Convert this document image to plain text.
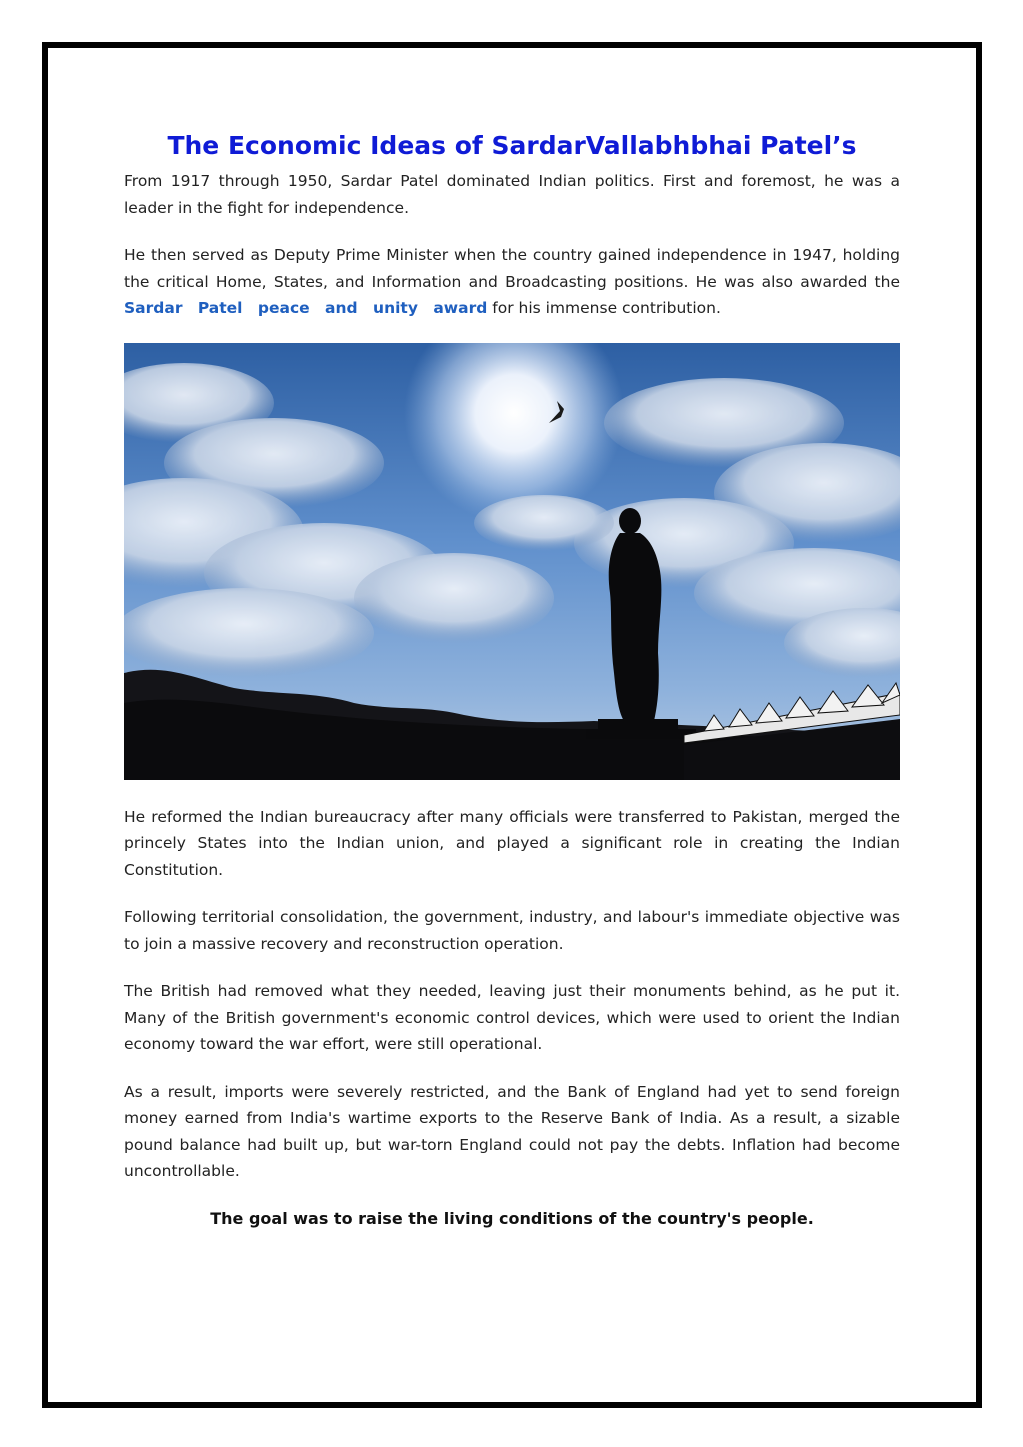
The Economic Ideas of SardarVallabhbhai Patel’s

From 1917 through 1950, Sardar Patel dominated Indian politics. First and foremost, he was a leader in the fight for independence.

He then served as Deputy Prime Minister when the country gained independence in 1947, holding the critical Home, States, and Information and Broadcasting positions. He was also awarded the Sardar Patel peace and unity award for his immense contribution.

He reformed the Indian bureaucracy after many officials were transferred to Pakistan, merged the princely States into the Indian union, and played a significant role in creating the Indian Constitution.

Following territorial consolidation, the government, industry, and labour's immediate objective was to join a massive recovery and reconstruction operation.

The British had removed what they needed, leaving just their monuments behind, as he put it. Many of the British government's economic control devices, which were used to orient the Indian economy toward the war effort, were still operational.

As a result, imports were severely restricted, and the Bank of England had yet to send foreign money earned from India's wartime exports to the Reserve Bank of India. As a result, a sizable pound balance had built up, but war-torn England could not pay the debts. Inflation had become uncontrollable.

The goal was to raise the living conditions of the country's people.
